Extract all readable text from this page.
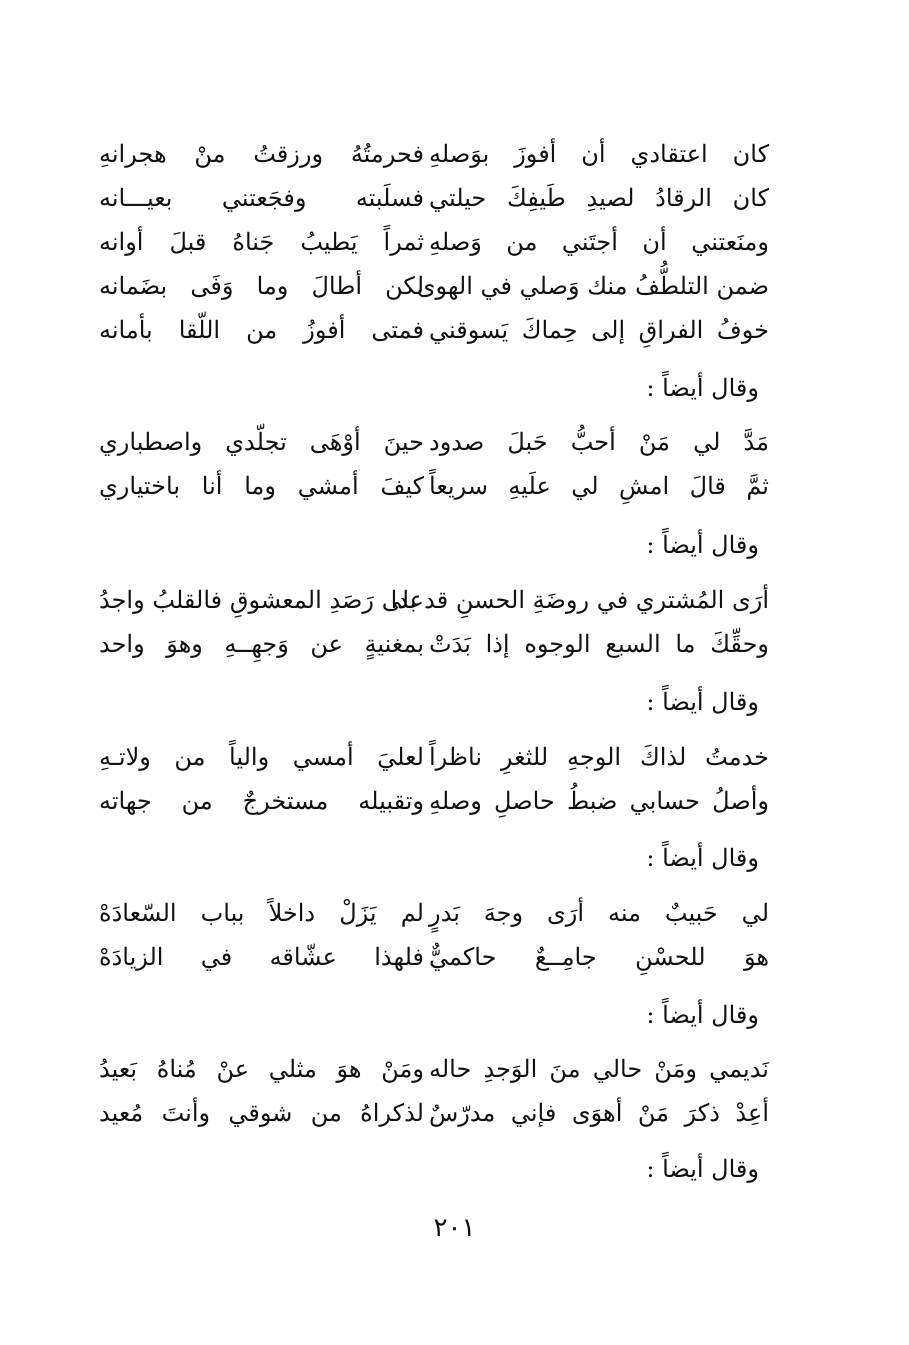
كان اعتقادي أن أفوزَ بوَصلهِ
فحرمتُهُ ورزقتُ منْ هجرانهِ
كان الرقادُ لصيدِ طَيفِكَ حيلتي
فسلَبته وفجَعتني بعيـــانه
ومنَعتني أن أجتَني من وَصلهِ
ثمراً يَطيبُ جَناهُ قبلَ أوانه
ضمن التلطُّفُ منك وَصلي في الهوى
لكن أطالَ وما وَفَى بضَمانه
خوفُ الفراقِ إلى حِماكَ يَسوقني
فمتى أفوزُ من اللّقا بأمانه
وقال أيضاً :
مَدَّ لي مَنْ أحبُّ حَبلَ صدود
حينَ أوْهَى تجلّدي واصطباري
ثمَّ قالَ امشِ لي علَيهِ سريعاً
كيفَ أمشي وما أنا باختياري
وقال أيضاً :
أرَى المُشتري في روضَةِ الحسنِ قد بدا
على رَصَدِ المعشوقِ فالقلبُ واجدُ
وحقِّكَ ما السبع الوجوه إذا بَدَتْ
بمغنيةٍ عن وَجهِــهِ وهوَ واحد
وقال أيضاً :
خدمتُ لذاكَ الوجهِ للثغرِ ناظراً
لعليَ أمسي والياً من ولاتـهِ
وأصلُ حسابي ضبطُ حاصلِ وصلهِ
وتقبيله مستخرجٌ من جهاته
وقال أيضاً :
لي حَبيبٌ منه أرَى وجهَ بَدرٍ
لم يَزَلْ داخلاً بباب السّعادَهْ
هوَ للحسْنِ جامِــعٌ حاكميٌّ
فلهذا عشّاقه في الزيادَهْ
وقال أيضاً :
نَديمي ومَنْ حالي منَ الوَجدِ حاله
ومَنْ هوَ مثلي عنْ مُناهُ بَعيدُ
أعِدْ ذكرَ مَنْ أهوَى فإني مدرّسٌ
لذكراهُ من شوقي وأنتَ مُعيد
وقال أيضاً :
٢٠١
